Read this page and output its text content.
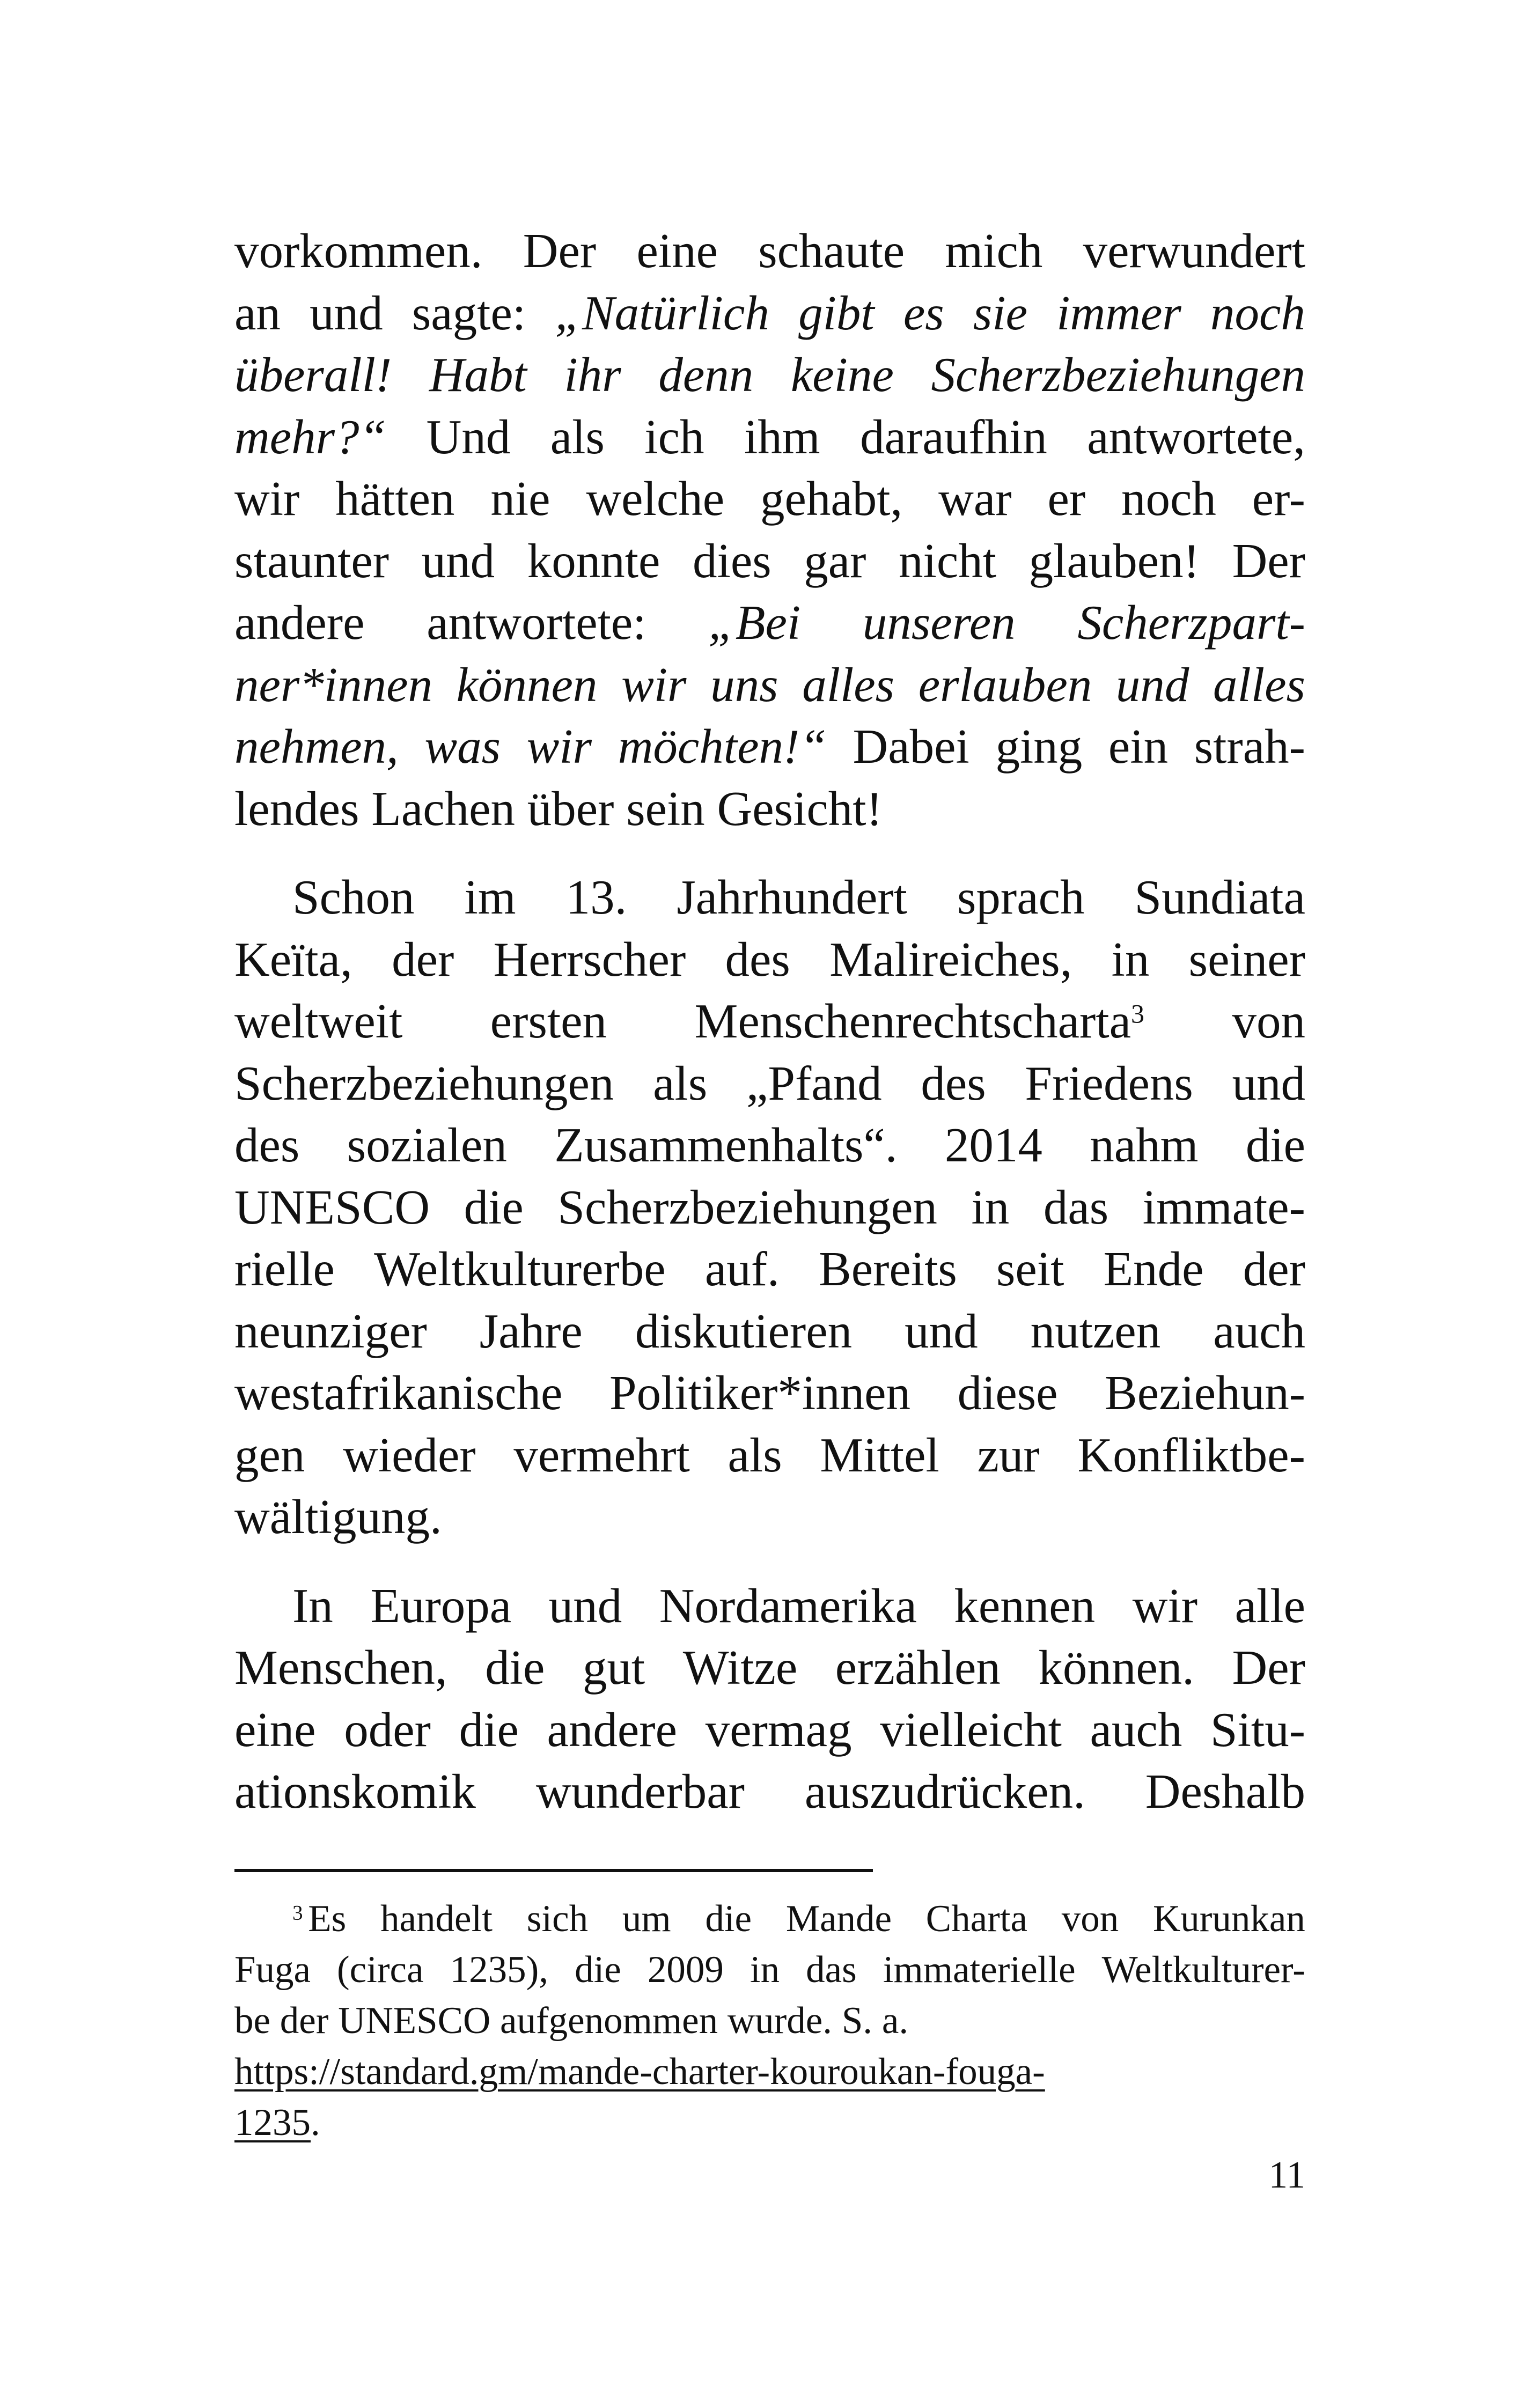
vorkommen. Der eine schaute mich verwundert
an und sagte: „Natürlich gibt es sie immer noch
überall! Habt ihr denn keine Scherzbeziehungen
mehr?“ Und als ich ihm daraufhin antwortete,
wir hätten nie welche gehabt, war er noch er-
staunter und konnte dies gar nicht glauben! Der
andere antwortete: „Bei unseren Scherzpart-
ner*innen können wir uns alles erlauben und alles
nehmen, was wir möchten!“ Dabei ging ein strah-
lendes Lachen über sein Gesicht!
Schon im 13. Jahrhundert sprach Sundiata
Keïta, der Herrscher des Malireiches, in seiner
weltweit ersten Menschenrechtscharta$^3$ von
Scherzbeziehungen als „Pfand des Friedens und
des sozialen Zusammenhalts“. 2014 nahm die
UNESCO die Scherzbeziehungen in das immate-
rielle Weltkulturerbe auf. Bereits seit Ende der
neunziger Jahre diskutieren und nutzen auch
westafrikanische Politiker*innen diese Beziehun-
gen wieder vermehrt als Mittel zur Konfliktbe-
wältigung.
In Europa und Nordamerika kennen wir alle
Menschen, die gut Witze erzählen können. Der
eine oder die andere vermag vielleicht auch Situ-
ationskomik wunderbar auszudrücken. Deshalb
$^3$ Es handelt sich um die Mande Charta von Kurunkan
Fuga (circa 1235), die 2009 in das immaterielle Weltkulturer-
be der UNESCO aufgenommen wurde. S. a.
https://standard.gm/mande-charter-kouroukan-fouga-
1235.
11
